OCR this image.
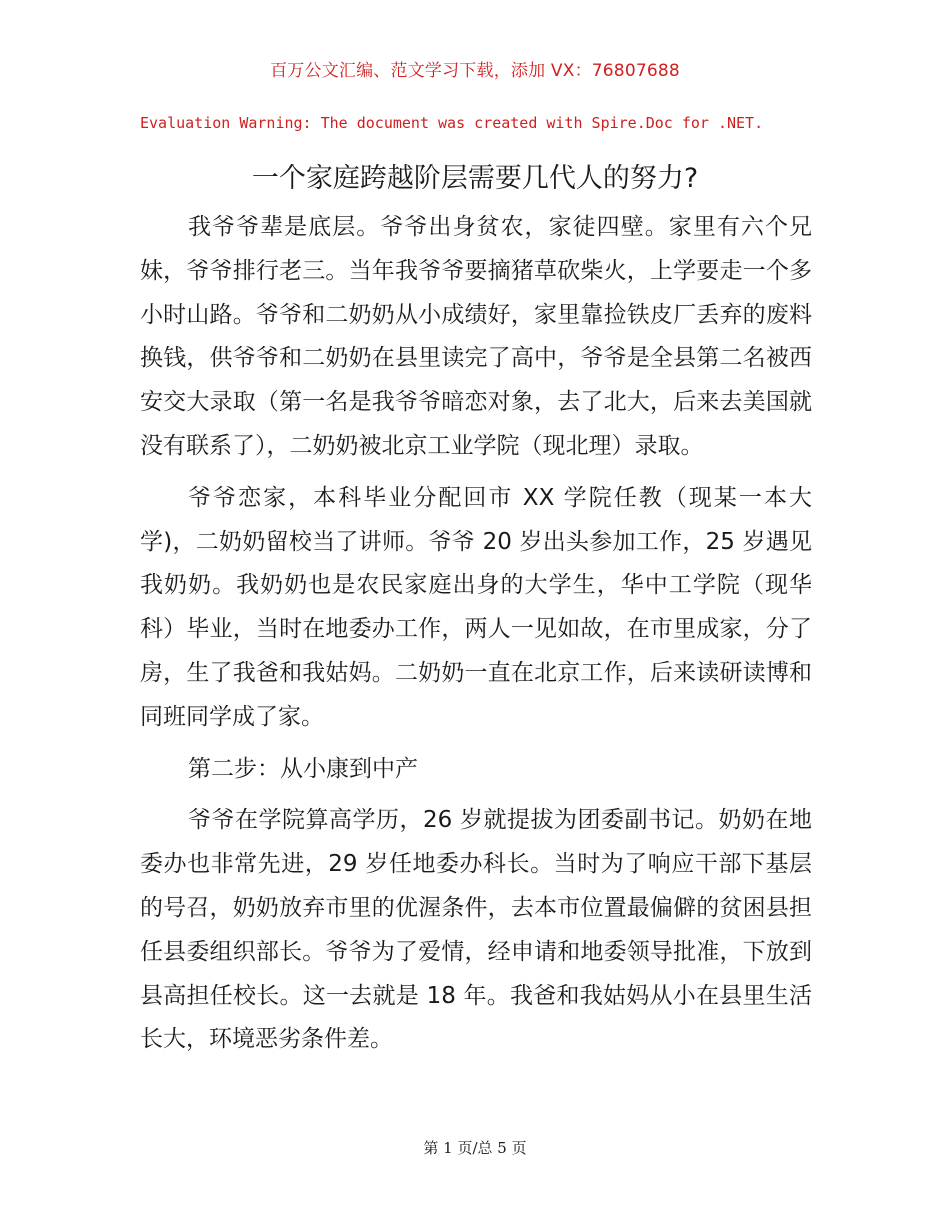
百万公文汇编、范文学习下载，添加 VX：76807688
Evaluation Warning: The document was created with Spire.Doc for .NET.
一个家庭跨越阶层需要几代人的努力?

我爷爷辈是底层。爷爷出身贫农，家徒四壁。家里有六个兄妹，爷爷排行老三。当年我爷爷要摘猪草砍柴火，上学要走一个多小时山路。爷爷和二奶奶从小成绩好，家里靠捡铁皮厂丢弃的废料换钱，供爷爷和二奶奶在县里读完了高中，爷爷是全县第二名被西安交大录取（第一名是我爷爷暗恋对象，去了北大，后来去美国就没有联系了），二奶奶被北京工业学院（现北理）录取。

爷爷恋家，本科毕业分配回市 XX 学院任教（现某一本大学)，二奶奶留校当了讲师。爷爷 20 岁出头参加工作，25 岁遇见我奶奶。我奶奶也是农民家庭出身的大学生，华中工学院（现华科）毕业，当时在地委办工作，两人一见如故，在市里成家，分了房，生了我爸和我姑妈。二奶奶一直在北京工作，后来读研读博和同班同学成了家。

第二步：从小康到中产

爷爷在学院算高学历，26 岁就提拔为团委副书记。奶奶在地委办也非常先进，29 岁任地委办科长。当时为了响应干部下基层的号召，奶奶放弃市里的优渥条件，去本市位置最偏僻的贫困县担任县委组织部长。爷爷为了爱情，经申请和地委领导批准，下放到县高担任校长。这一去就是 18 年。我爸和我姑妈从小在县里生活长大，环境恶劣条件差。

第 1 页/总 5 页
